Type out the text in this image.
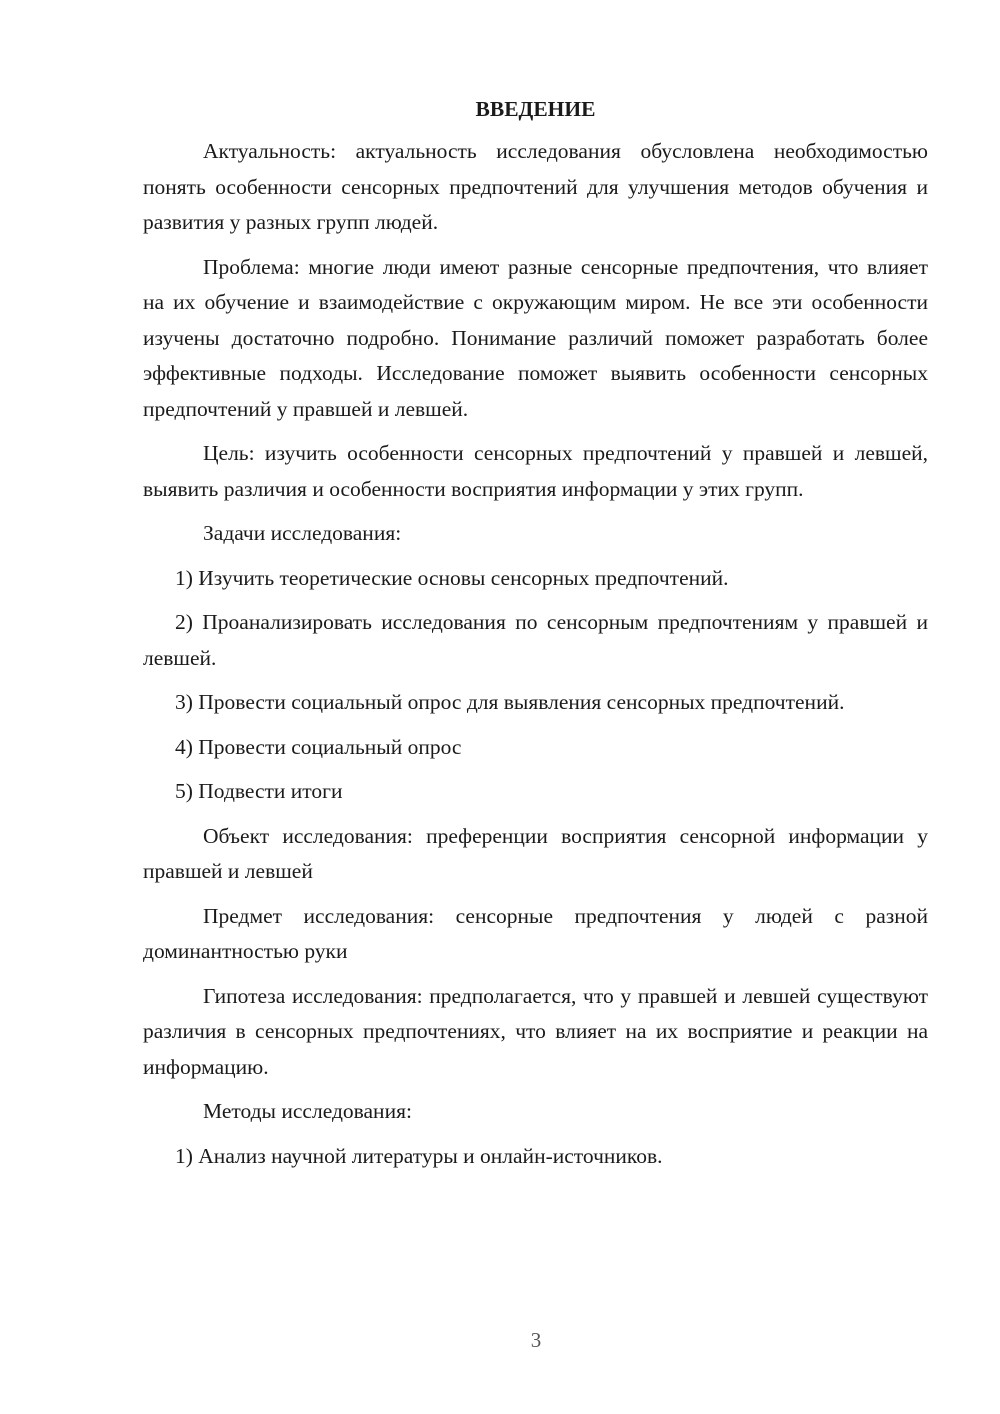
ВВЕДЕНИЕ

Актуальность: актуальность исследования обусловлена необходимостью понять особенности сенсорных предпочтений для улучшения методов обучения и развития у разных групп людей.

Проблема: многие люди имеют разные сенсорные предпочтения, что влияет на их обучение и взаимодействие с окружающим миром. Не все эти особенности изучены достаточно подробно. Понимание различий поможет разработать более эффективные подходы. Исследование поможет выявить особенности сенсорных предпочтений у правшей и левшей.

Цель: изучить особенности сенсорных предпочтений у правшей и левшей, выявить различия и особенности восприятия информации у этих групп.

Задачи исследования:

1) Изучить теоретические основы сенсорных предпочтений.

2) Проанализировать исследования по сенсорным предпочтениям у правшей и левшей.

3) Провести социальный опрос для выявления сенсорных предпочтений.

4) Провести социальный опрос

5) Подвести итоги

Объект исследования: преференции восприятия сенсорной информации у правшей и левшей

Предмет исследования: сенсорные предпочтения у людей с разной доминантностью руки

Гипотеза исследования: предполагается, что у правшей и левшей существуют различия в сенсорных предпочтениях, что влияет на их восприятие и реакции на информацию.

Методы исследования:

1) Анализ научной литературы и онлайн-источников.

3
